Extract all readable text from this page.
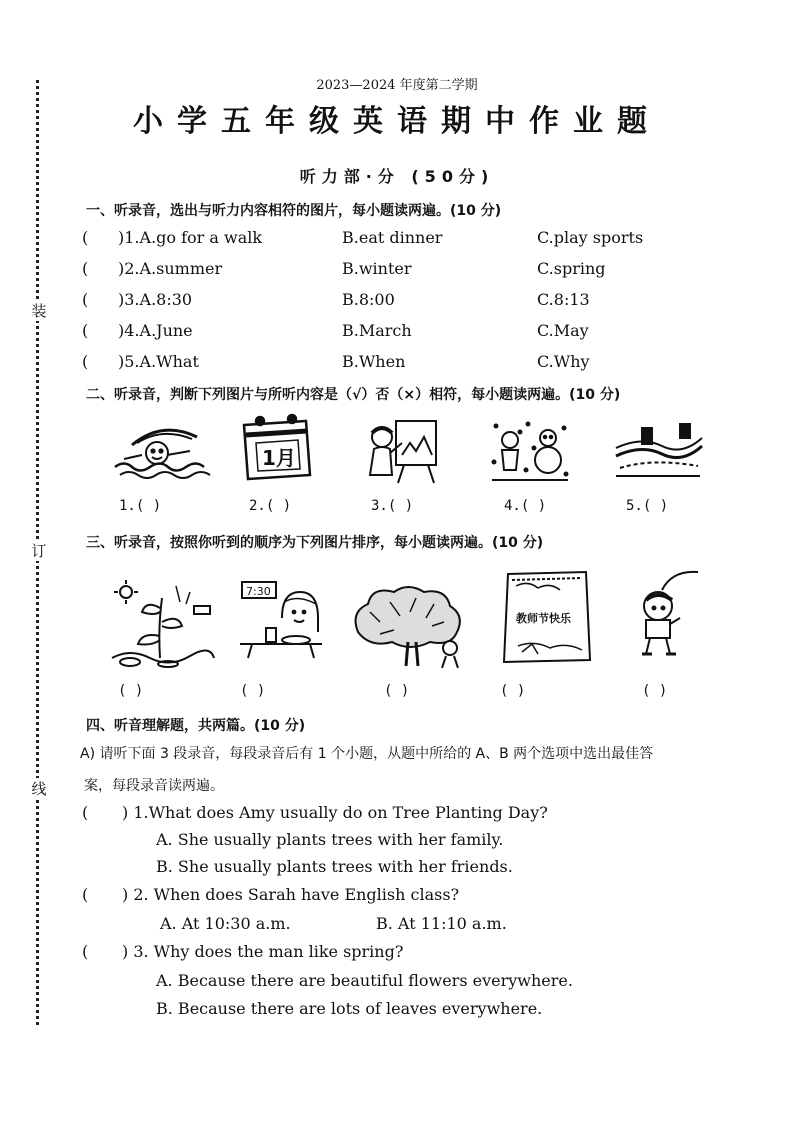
装
订
线
2023—2024 年度第二学期
小学五年级英语期中作业题
听力部·分 (50分)
一、听录音，选出与听力内容相符的图片，每小题读两遍。(10 分)
( )1.A.go for a walk	B.eat dinner	C.play sports
( )2.A.summer	B.winter	C.spring
( )3.A.8:30	B.8:00	C.8:13
( )4.A.June	B.March	C.May
( )5.A.What	B.When	C.Why
二、听录音，判断下列图片与所听内容是（√）否（×）相符，每小题读两遍。(10 分)
1月
1.( )	2.( )	3.( )	4.( )	5.( )
三、听录音，按照你听到的顺序为下列图片排序，每小题读两遍。(10 分)
7:30
教师节快乐
( )	( )	( )	( )	( )
四、听音理解题，共两篇。(10 分)
A) 请听下面 3 段录音，每段录音后有 1 个小题，从题中所给的 A、B 两个选项中选出最佳答
案，每段录音读两遍。
( ) 1.What does Amy usually do on Tree Planting Day?
A. She usually plants trees with her family.
B. She usually plants trees with her friends.
( ) 2. When does Sarah have English class?
A. At 10:30 a.m.	B. At 11:10 a.m.
( ) 3. Why does the man like spring?
A. Because there are beautiful flowers everywhere.
B. Because there are lots of leaves everywhere.
